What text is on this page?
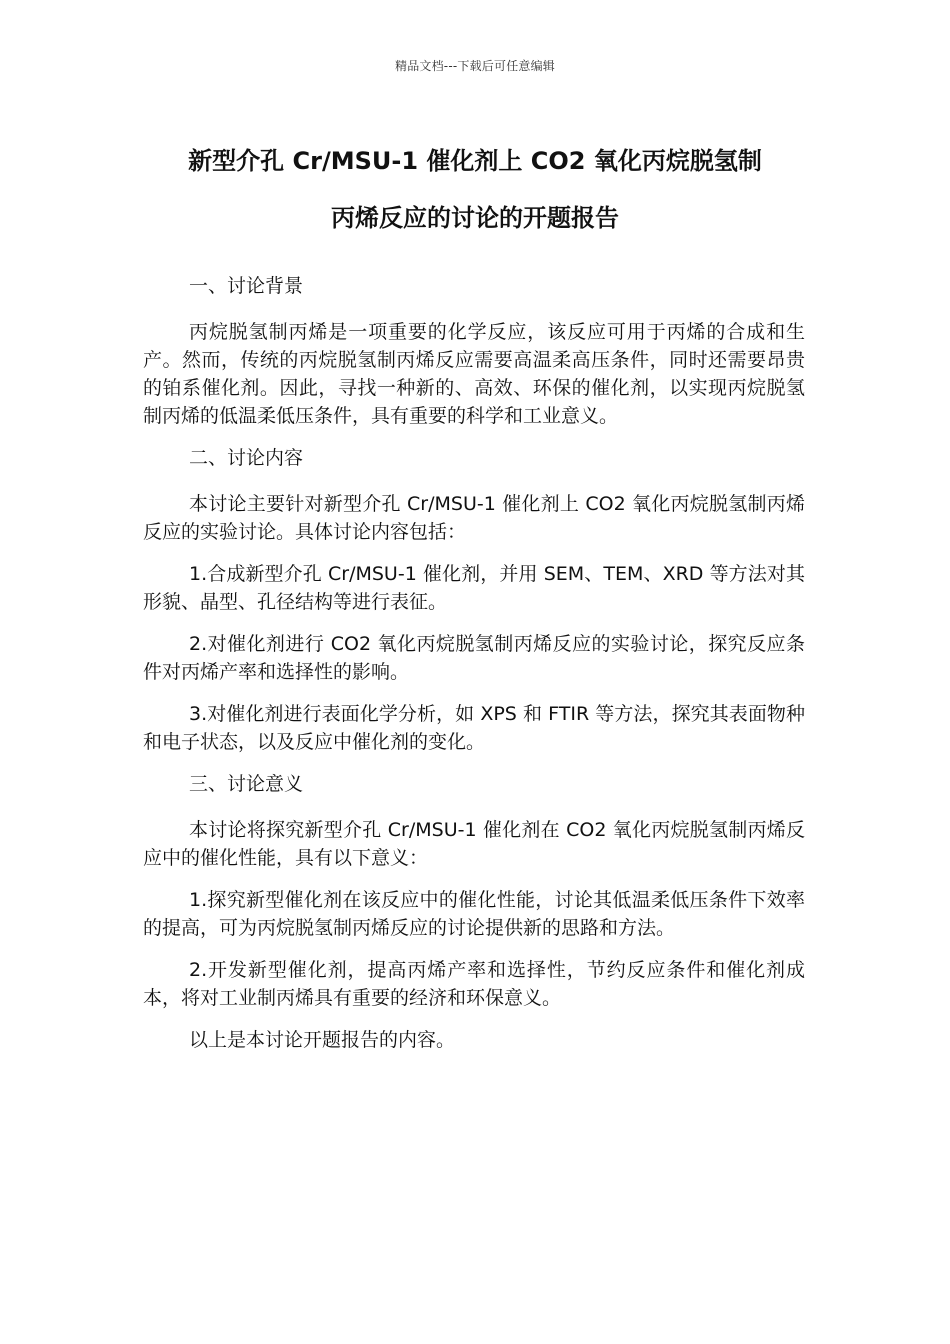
精品文档---下载后可任意编辑
新型介孔 Cr/MSU-1 催化剂上 CO2 氧化丙烷脱氢制
丙烯反应的讨论的开题报告

一、讨论背景

丙烷脱氢制丙烯是一项重要的化学反应，该反应可用于丙烯的合成和生产。然而，传统的丙烷脱氢制丙烯反应需要高温柔高压条件，同时还需要昂贵的铂系催化剂。因此，寻找一种新的、高效、环保的催化剂，以实现丙烷脱氢制丙烯的低温柔低压条件，具有重要的科学和工业意义。

二、讨论内容

本讨论主要针对新型介孔 Cr/MSU-1 催化剂上 CO2 氧化丙烷脱氢制丙烯反应的实验讨论。具体讨论内容包括：

1.合成新型介孔 Cr/MSU-1 催化剂，并用 SEM、TEM、XRD 等方法对其形貌、晶型、孔径结构等进行表征。

2.对催化剂进行 CO2 氧化丙烷脱氢制丙烯反应的实验讨论，探究反应条件对丙烯产率和选择性的影响。

3.对催化剂进行表面化学分析，如 XPS 和 FTIR 等方法，探究其表面物种和电子状态，以及反应中催化剂的变化。

三、讨论意义

本讨论将探究新型介孔 Cr/MSU-1 催化剂在 CO2 氧化丙烷脱氢制丙烯反应中的催化性能，具有以下意义：

1.探究新型催化剂在该反应中的催化性能，讨论其低温柔低压条件下效率的提高，可为丙烷脱氢制丙烯反应的讨论提供新的思路和方法。

2.开发新型催化剂，提高丙烯产率和选择性，节约反应条件和催化剂成本，将对工业制丙烯具有重要的经济和环保意义。

以上是本讨论开题报告的内容。
